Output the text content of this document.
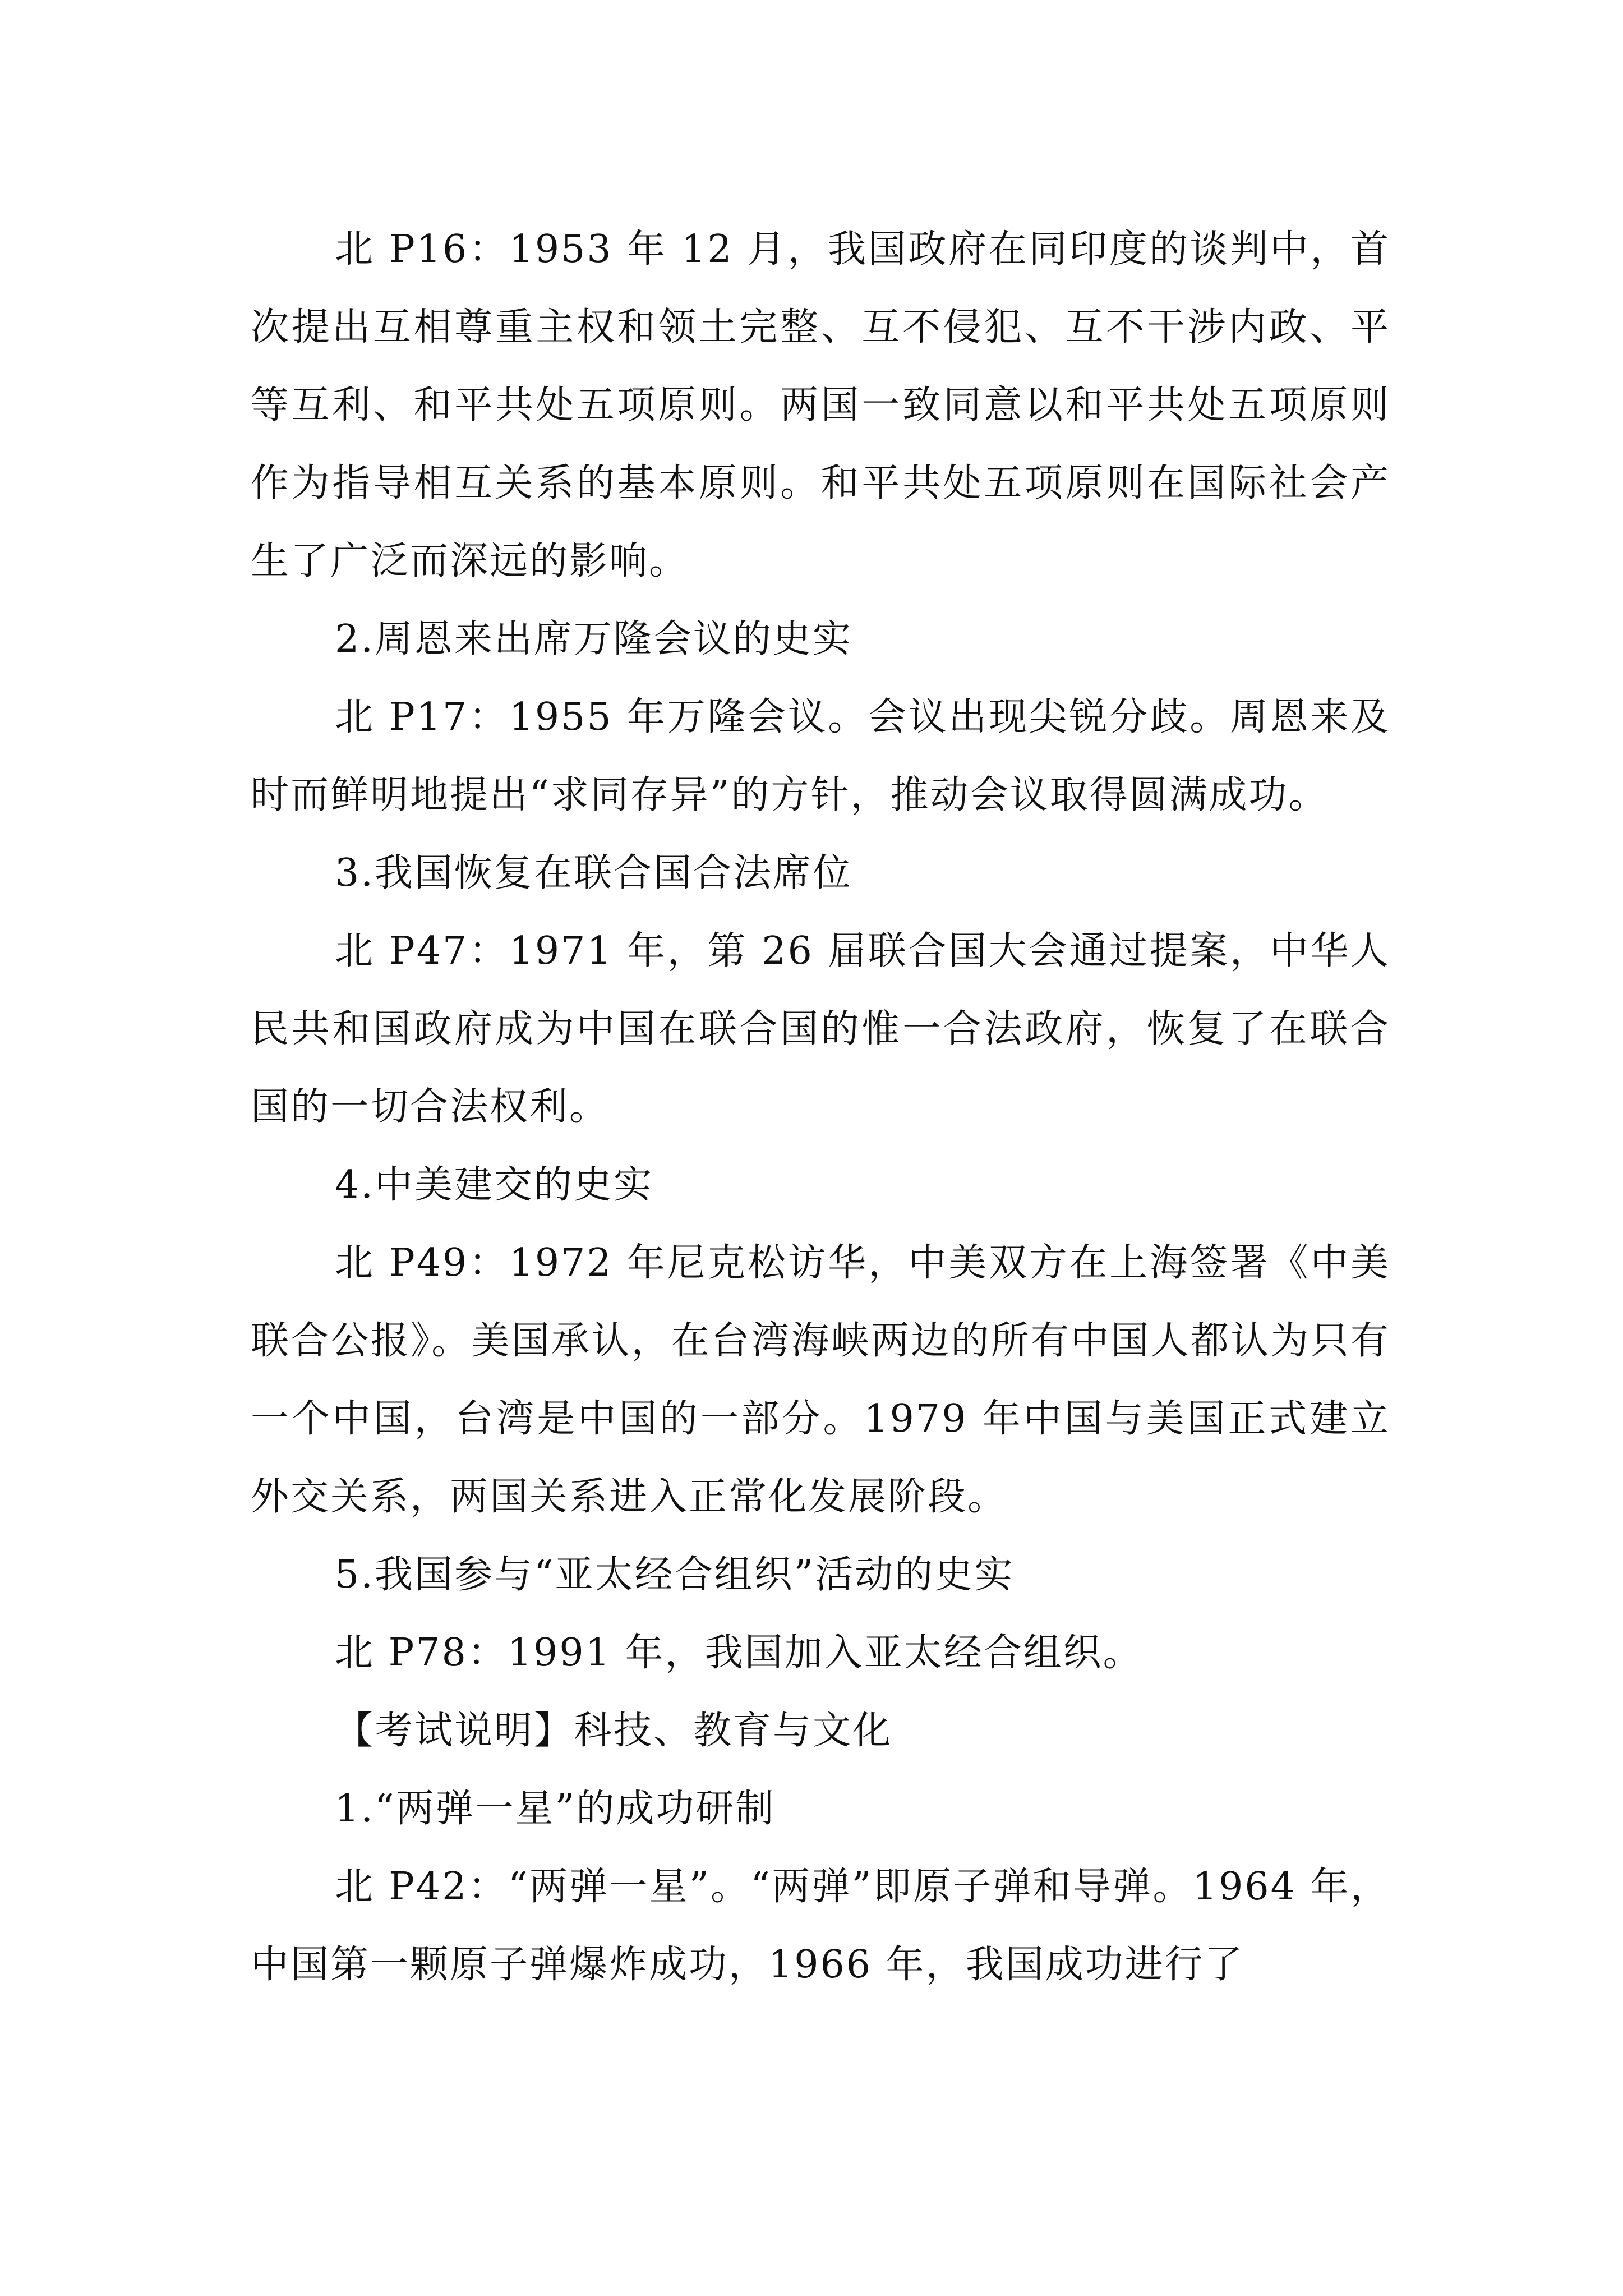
北 P16：1953 年 12 月，我国政府在同印度的谈判中，首次提出互相尊重主权和领土完整、互不侵犯、互不干涉内政、平等互利、和平共处五项原则。两国一致同意以和平共处五项原则作为指导相互关系的基本原则。和平共处五项原则在国际社会产生了广泛而深远的影响。

2.周恩来出席万隆会议的史实

北 P17：1955 年万隆会议。会议出现尖锐分歧。周恩来及时而鲜明地提出“求同存异”的方针，推动会议取得圆满成功。

3.我国恢复在联合国合法席位

北 P47：1971 年，第 26 届联合国大会通过提案，中华人民共和国政府成为中国在联合国的惟一合法政府，恢复了在联合国的一切合法权利。

4.中美建交的史实

北 P49：1972 年尼克松访华，中美双方在上海签署《中美联合公报》。美国承认，在台湾海峡两边的所有中国人都认为只有一个中国，台湾是中国的一部分。1979 年中国与美国正式建立外交关系，两国关系进入正常化发展阶段。

5.我国参与“亚太经合组织”活动的史实

北 P78：1991 年，我国加入亚太经合组织。

【考试说明】科技、教育与文化

1.“两弹一星”的成功研制

北 P42：“两弹一星”。“两弹”即原子弹和导弹。1964 年，中国第一颗原子弹爆炸成功，1966 年，我国成功进行了
